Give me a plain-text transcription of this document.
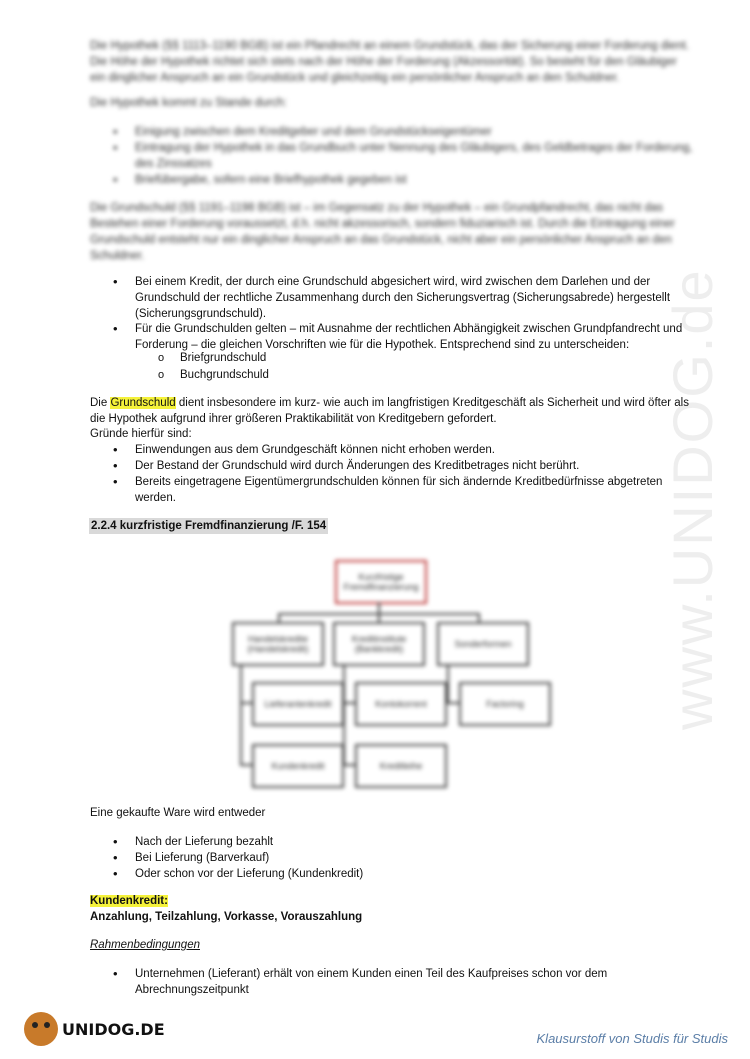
www.UNIDOG.de
Die Hypothek (§§ 1113–1190 BGB) ist ein Pfandrecht an einem Grundstück, das der Sicherung einer Forderung dient. Die Höhe der Hypothek richtet sich stets nach der Höhe der Forderung (Akzessorität). So besteht für den Gläubiger ein dinglicher Anspruch an ein Grundstück und gleichzeitig ein persönlicher Anspruch an den Schuldner.
Die Hypothek kommt zu Stande durch:
• Einigung zwischen dem Kreditgeber und dem Grundstückseigentümer
• Eintragung der Hypothek in das Grundbuch unter Nennung des Gläubigers, des Geldbetrages der Forderung, des Zinssatzes
• Briefübergabe, sofern eine Briefhypothek gegeben ist
Die Grundschuld (§§ 1191–1198 BGB) ist – im Gegensatz zu der Hypothek – ein Grundpfandrecht, das nicht das Bestehen einer Forderung voraussetzt, d.h. nicht akzessorisch, sondern fiduziarisch ist. Durch die Eintragung einer Grundschuld entsteht nur ein dinglicher Anspruch an das Grundstück, nicht aber ein persönlicher Anspruch an den Schuldner.
• Bei einem Kredit, der durch eine Grundschuld abgesichert wird, wird zwischen dem Darlehen und der Grundschuld der rechtliche Zusammenhang durch den Sicherungsvertrag (Sicherungsabrede) hergestellt (Sicherungsgrundschuld).
• Für die Grundschulden gelten – mit Ausnahme der rechtlichen Abhängigkeit zwischen Grundpfandrecht und Forderung – die gleichen Vorschriften wie für die Hypothek. Entsprechend sind zu unterscheiden:
o Briefgrundschuld
o Buchgrundschuld
Die Grundschuld dient insbesondere im kurz- wie auch im langfristigen Kreditgeschäft als Sicherheit und wird öfter als die Hypothek aufgrund ihrer größeren Praktikabilität von Kreditgebern gefordert.
Gründe hierfür sind:
• Einwendungen aus dem Grundgeschäft können nicht erhoben werden.
• Der Bestand der Grundschuld wird durch Änderungen des Kreditbetrages nicht berührt.
• Bereits eingetragene Eigentümergrundschulden können für sich ändernde Kreditbedürfnisse abgetreten werden.
2.2.4 kurzfristige Fremdfinanzierung /F. 154
Kurzfristige Fremdfinanzierung
Handelskredite (Handelskredit)
Kreditinstitute (Bankkredit)	Sonderformen
Lieferantenkredit	Kontokorrent	Factoring
Kundenkredit	Kreditleihe
Eine gekaufte Ware wird entweder
• Nach der Lieferung bezahlt
• Bei Lieferung (Barverkauf)
• Oder schon vor der Lieferung (Kundenkredit)
Kundenkredit:
Anzahlung, Teilzahlung, Vorkasse, Vorauszahlung
Rahmenbedingungen
• Unternehmen (Lieferant) erhält von einem Kunden einen Teil des Kaufpreises schon vor dem Abrechnungszeitpunkt
UNIDOG.DE	Klausurstoff von Studis für Studis
